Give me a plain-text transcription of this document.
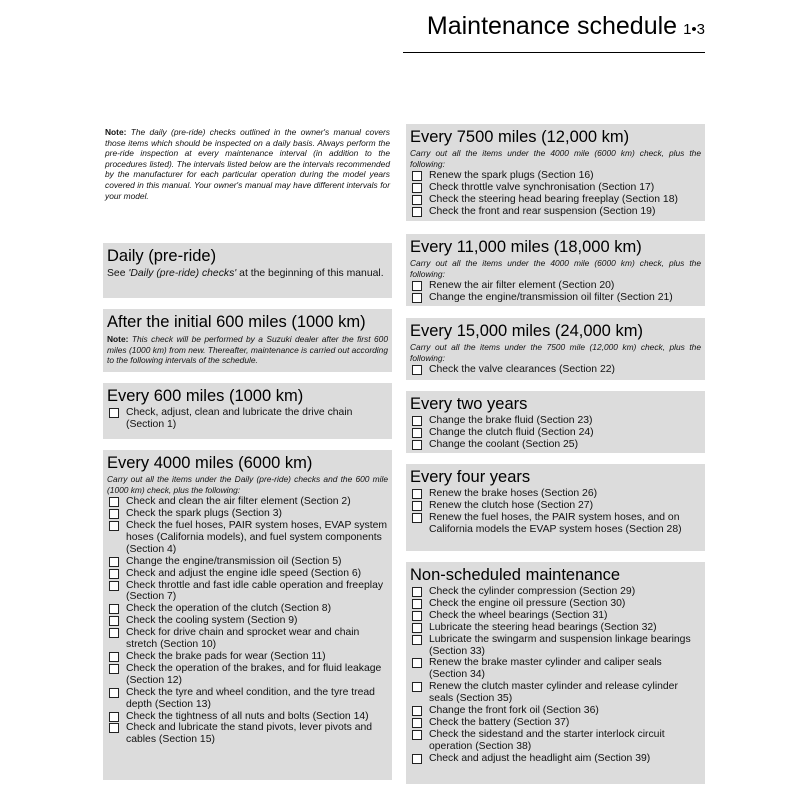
Maintenance schedule 1•3
Note: The daily (pre-ride) checks outlined in the owner's manual covers those items which should be inspected on a daily basis. Always perform the pre-ride inspection at every maintenance interval (in addition to the procedures listed). The intervals listed below are the intervals recommended by the manufacturer for each particular operation during the model years covered in this manual. Your owner's manual may have different intervals for your model.
Daily (pre-ride)
See 'Daily (pre-ride) checks' at the beginning of this manual.
After the initial 600 miles (1000 km)
Note: This check will be performed by a Suzuki dealer after the first 600 miles (1000 km) from new. Thereafter, maintenance is carried out according to the following intervals of the schedule.
Every 600 miles (1000 km)
Check, adjust, clean and lubricate the drive chain (Section 1)
Every 4000 miles (6000 km)
Carry out all the items under the Daily (pre-ride) checks and the 600 mile (1000 km) check, plus the following:
Check and clean the air filter element (Section 2)
Check the spark plugs (Section 3)
Check the fuel hoses, PAIR system hoses, EVAP system hoses (California models), and fuel system components (Section 4)
Change the engine/transmission oil (Section 5)
Check and adjust the engine idle speed (Section 6)
Check throttle and fast idle cable operation and freeplay (Section 7)
Check the operation of the clutch (Section 8)
Check the cooling system (Section 9)
Check for drive chain and sprocket wear and chain stretch (Section 10)
Check the brake pads for wear (Section 11)
Check the operation of the brakes, and for fluid leakage (Section 12)
Check the tyre and wheel condition, and the tyre tread depth (Section 13)
Check the tightness of all nuts and bolts (Section 14)
Check and lubricate the stand pivots, lever pivots and cables (Section 15)
Every 7500 miles (12,000 km)
Carry out all the items under the 4000 mile (6000 km) check, plus the following:
Renew the spark plugs (Section 16)
Check throttle valve synchronisation (Section 17)
Check the steering head bearing freeplay (Section 18)
Check the front and rear suspension (Section 19)
Every 11,000 miles (18,000 km)
Carry out all the items under the 4000 mile (6000 km) check, plus the following:
Renew the air filter element (Section 20)
Change the engine/transmission oil filter (Section 21)
Every 15,000 miles (24,000 km)
Carry out all the items under the 7500 mile (12,000 km) check, plus the following:
Check the valve clearances (Section 22)
Every two years
Change the brake fluid (Section 23)
Change the clutch fluid (Section 24)
Change the coolant (Section 25)
Every four years
Renew the brake hoses (Section 26)
Renew the clutch hose (Section 27)
Renew the fuel hoses, the PAIR system hoses, and on California models the EVAP system hoses (Section 28)
Non-scheduled maintenance
Check the cylinder compression (Section 29)
Check the engine oil pressure (Section 30)
Check the wheel bearings (Section 31)
Lubricate the steering head bearings (Section 32)
Lubricate the swingarm and suspension linkage bearings (Section 33)
Renew the brake master cylinder and caliper seals (Section 34)
Renew the clutch master cylinder and release cylinder seals (Section 35)
Change the front fork oil (Section 36)
Check the battery (Section 37)
Check the sidestand and the starter interlock circuit operation (Section 38)
Check and adjust the headlight aim (Section 39)
